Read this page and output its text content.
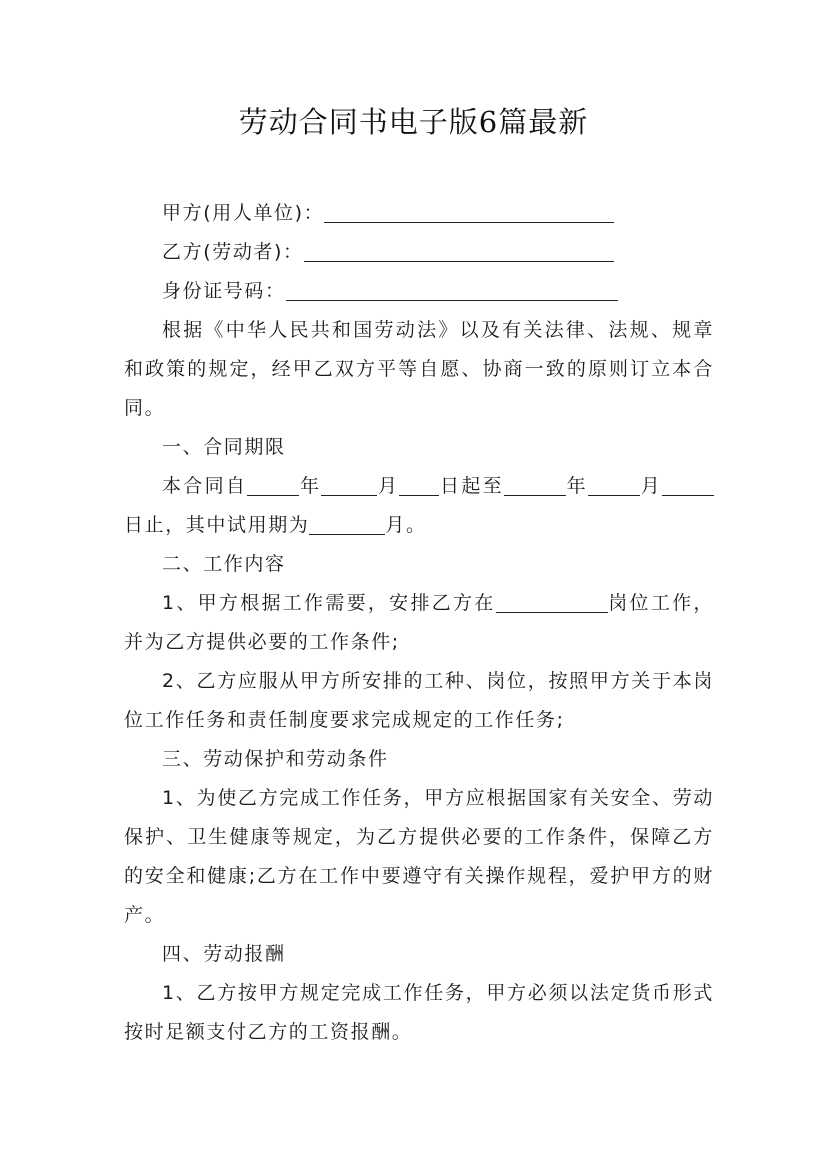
劳动合同书电子版6篇最新

甲方(用人单位)：

乙方(劳动者)：

身份证号码：

根据《中华人民共和国劳动法》以及有关法律、法规、规章和政策的规定，经甲乙双方平等自愿、协商一致的原则订立本合同。

一、合同期限

本合同自	年	月 日起至	年	月日止，其中试用期为	月。

二、工作内容

1、甲方根据工作需要，安排乙方在	岗位工作，并为乙方提供必要的工作条件;

2、乙方应服从甲方所安排的工种、岗位，按照甲方关于本岗位工作任务和责任制度要求完成规定的工作任务;

三、劳动保护和劳动条件

1、为使乙方完成工作任务，甲方应根据国家有关安全、劳动保护、卫生健康等规定，为乙方提供必要的工作条件，保障乙方的安全和健康;乙方在工作中要遵守有关操作规程，爱护甲方的财产。

四、劳动报酬

1、乙方按甲方规定完成工作任务，甲方必须以法定货币形式按时足额支付乙方的工资报酬。
